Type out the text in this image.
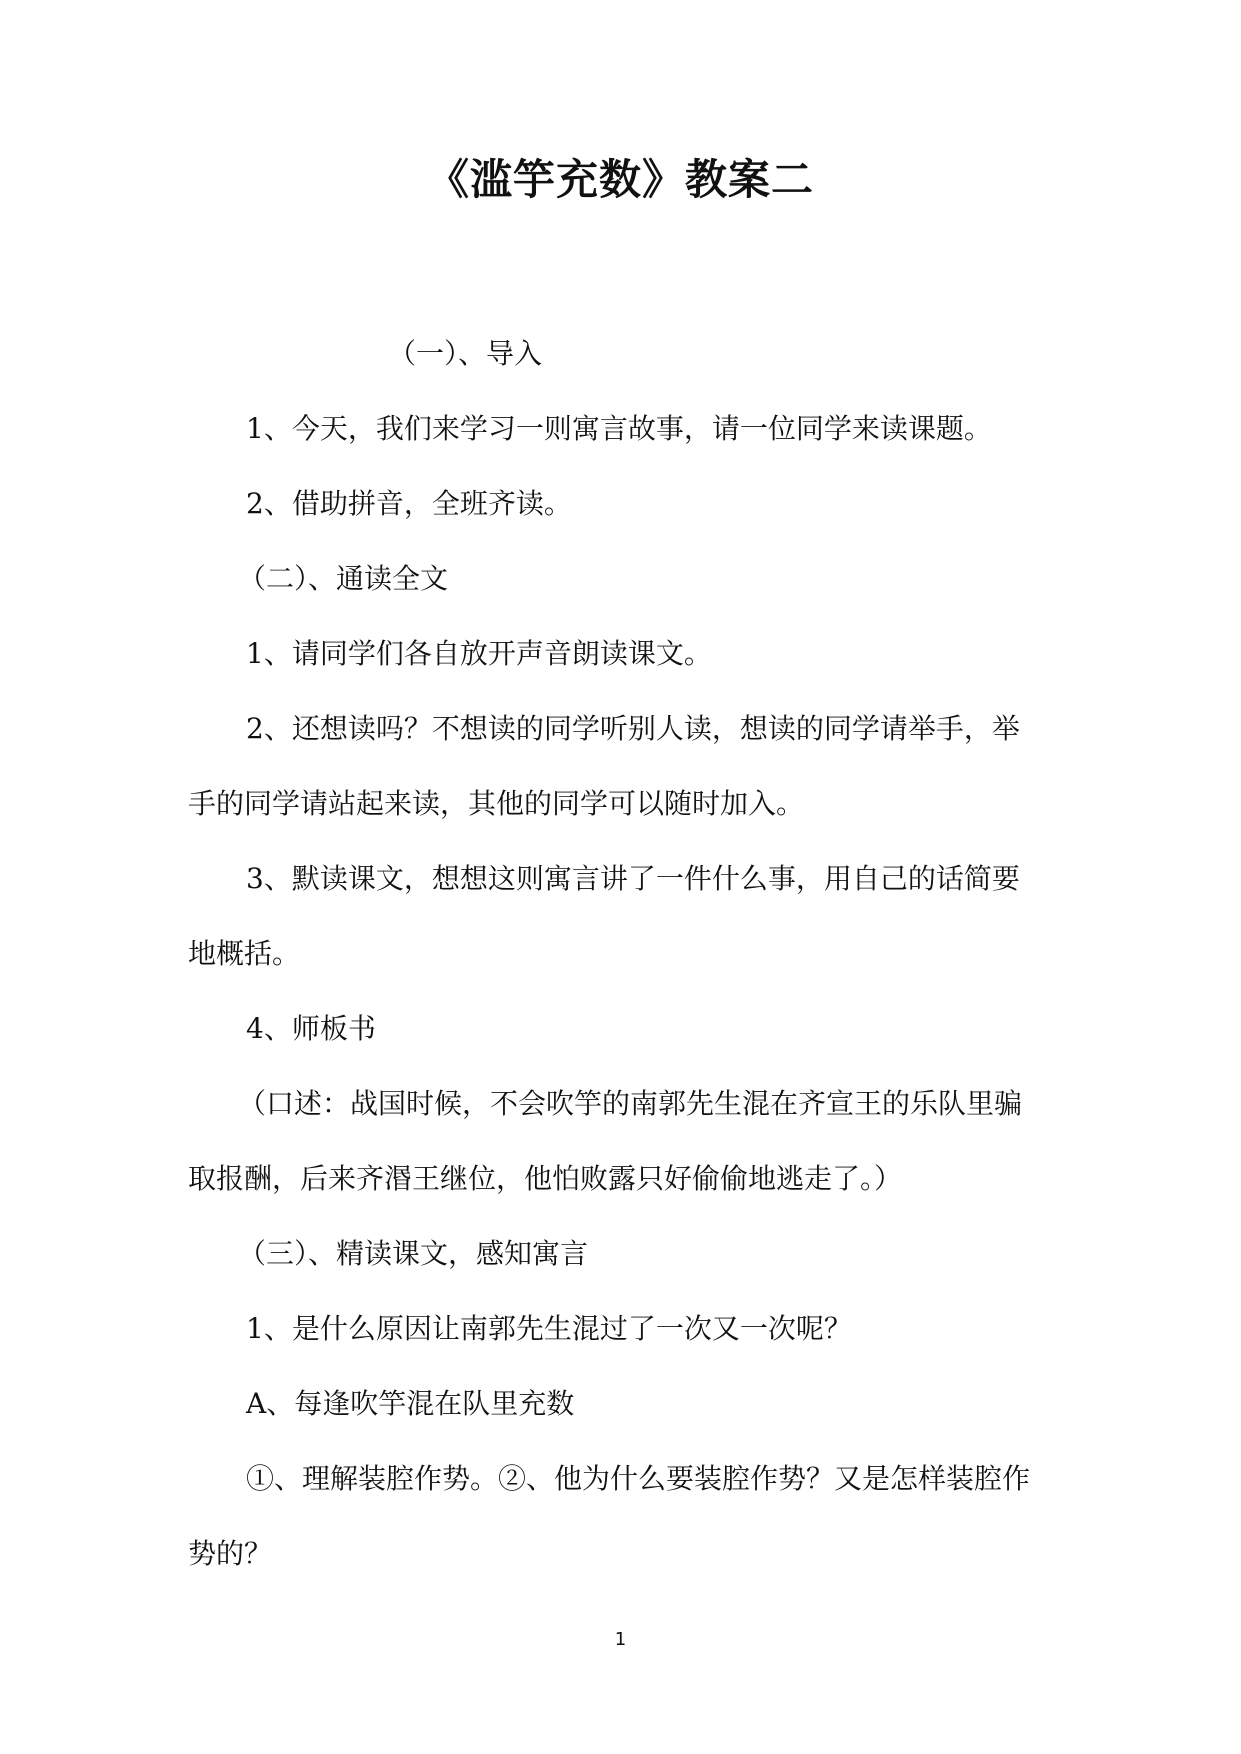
《滥竽充数》教案二
（一）、导入
1、今天，我们来学习一则寓言故事，请一位同学来读课题。
2、借助拼音，全班齐读。
（二）、通读全文
1、请同学们各自放开声音朗读课文。
2、还想读吗？不想读的同学听别人读，想读的同学请举手，举
手的同学请站起来读，其他的同学可以随时加入。
3、默读课文，想想这则寓言讲了一件什么事，用自己的话简要
地概括。
4、师板书
（口述：战国时候，不会吹竽的南郭先生混在齐宣王的乐队里骗
取报酬，后来齐湣王继位，他怕败露只好偷偷地逃走了。）
（三）、精读课文，感知寓言
1、是什么原因让南郭先生混过了一次又一次呢？
A、每逢吹竽混在队里充数
①、理解装腔作势。②、他为什么要装腔作势？又是怎样装腔作
势的？
1
